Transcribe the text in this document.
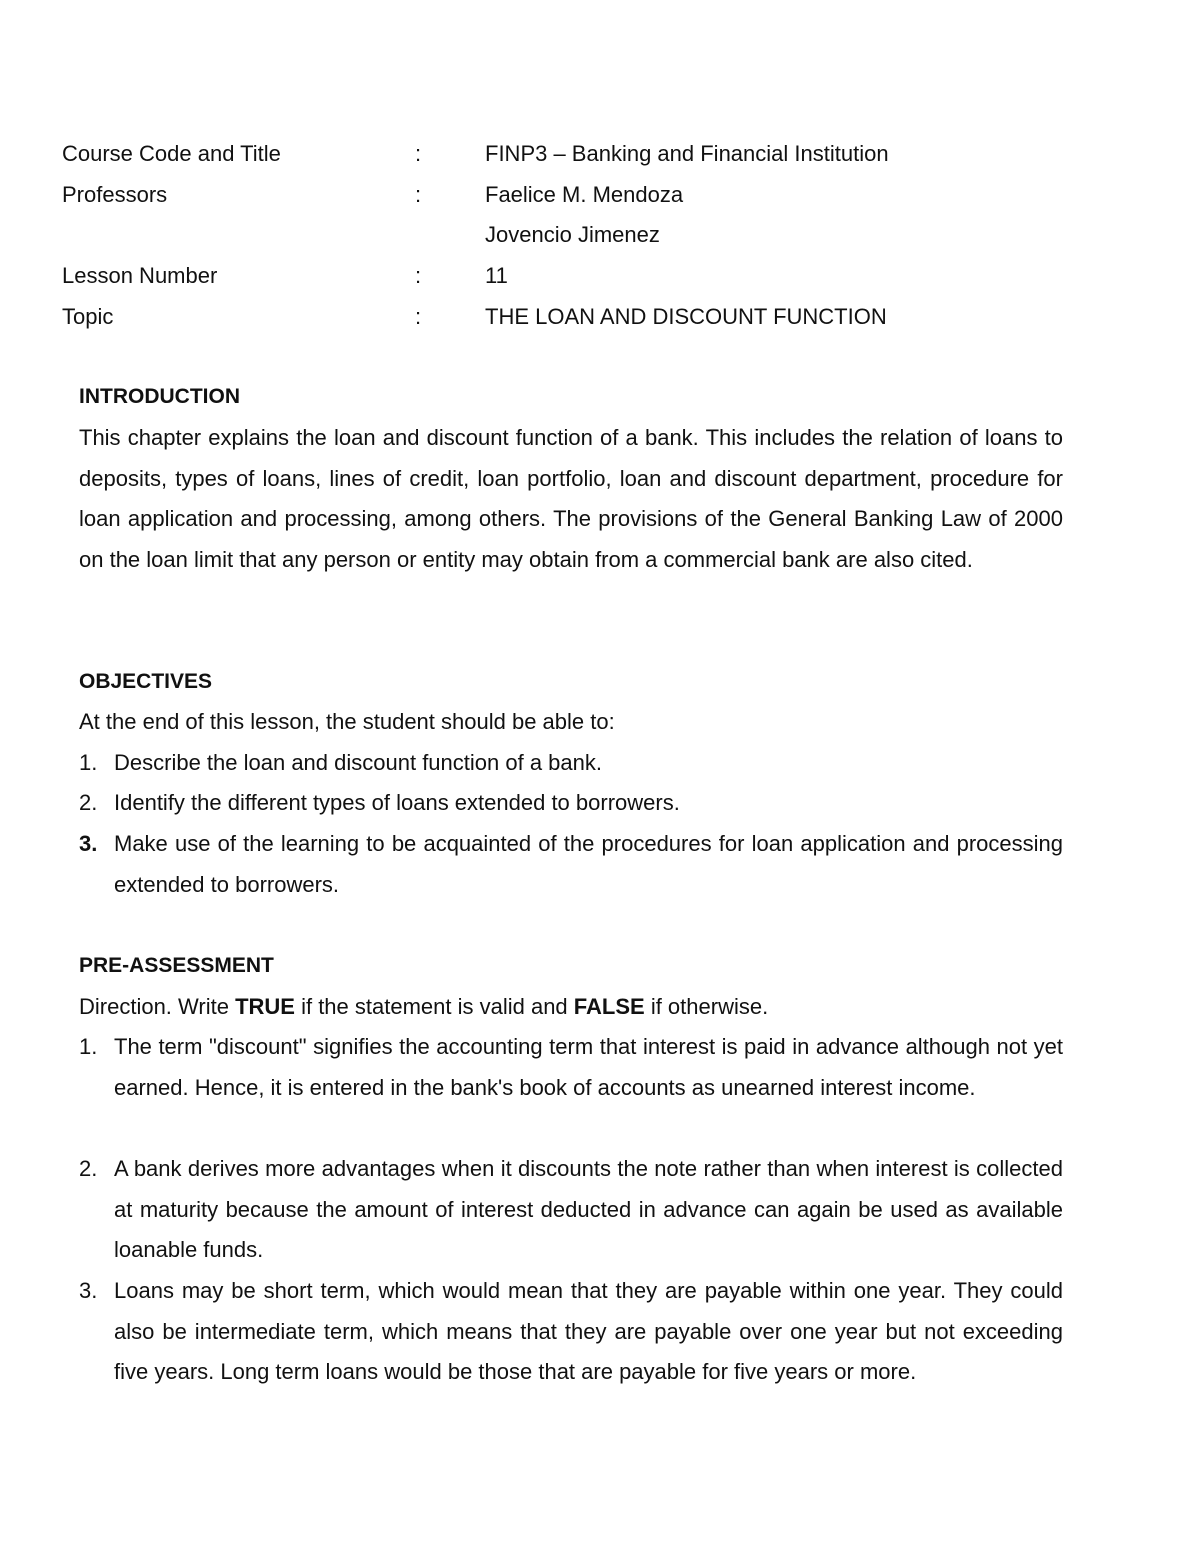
Course Code and Title	:	FINP3 – Banking and Financial Institution
Professors	:	Faelice M. Mendoza
Jovencio Jimenez
Lesson Number	:	11
Topic	:	THE LOAN AND DISCOUNT FUNCTION
INTRODUCTION
This chapter explains the loan and discount function of a bank. This includes the relation of loans to deposits, types of loans, lines of credit, loan portfolio, loan and discount department, procedure for loan application and processing, among others. The provisions of the General Banking Law of 2000 on the loan limit that any person or entity may obtain from a commercial bank are also cited.
OBJECTIVES
At the end of this lesson, the student should be able to:
1. Describe the loan and discount function of a bank.
2. Identify the different types of loans extended to borrowers.
3. Make use of the learning to be acquainted of the procedures for loan application and processing extended to borrowers.
PRE-ASSESSMENT
Direction. Write TRUE if the statement is valid and FALSE if otherwise.
1. The term "discount" signifies the accounting term that interest is paid in advance although not yet earned. Hence, it is entered in the bank's book of accounts as unearned interest income.
2. A bank derives more advantages when it discounts the note rather than when interest is collected at maturity because the amount of interest deducted in advance can again be used as available loanable funds.
3. Loans may be short term, which would mean that they are payable within one year. They could also be intermediate term, which means that they are payable over one year but not exceeding five years. Long term loans would be those that are payable for five years or more.
